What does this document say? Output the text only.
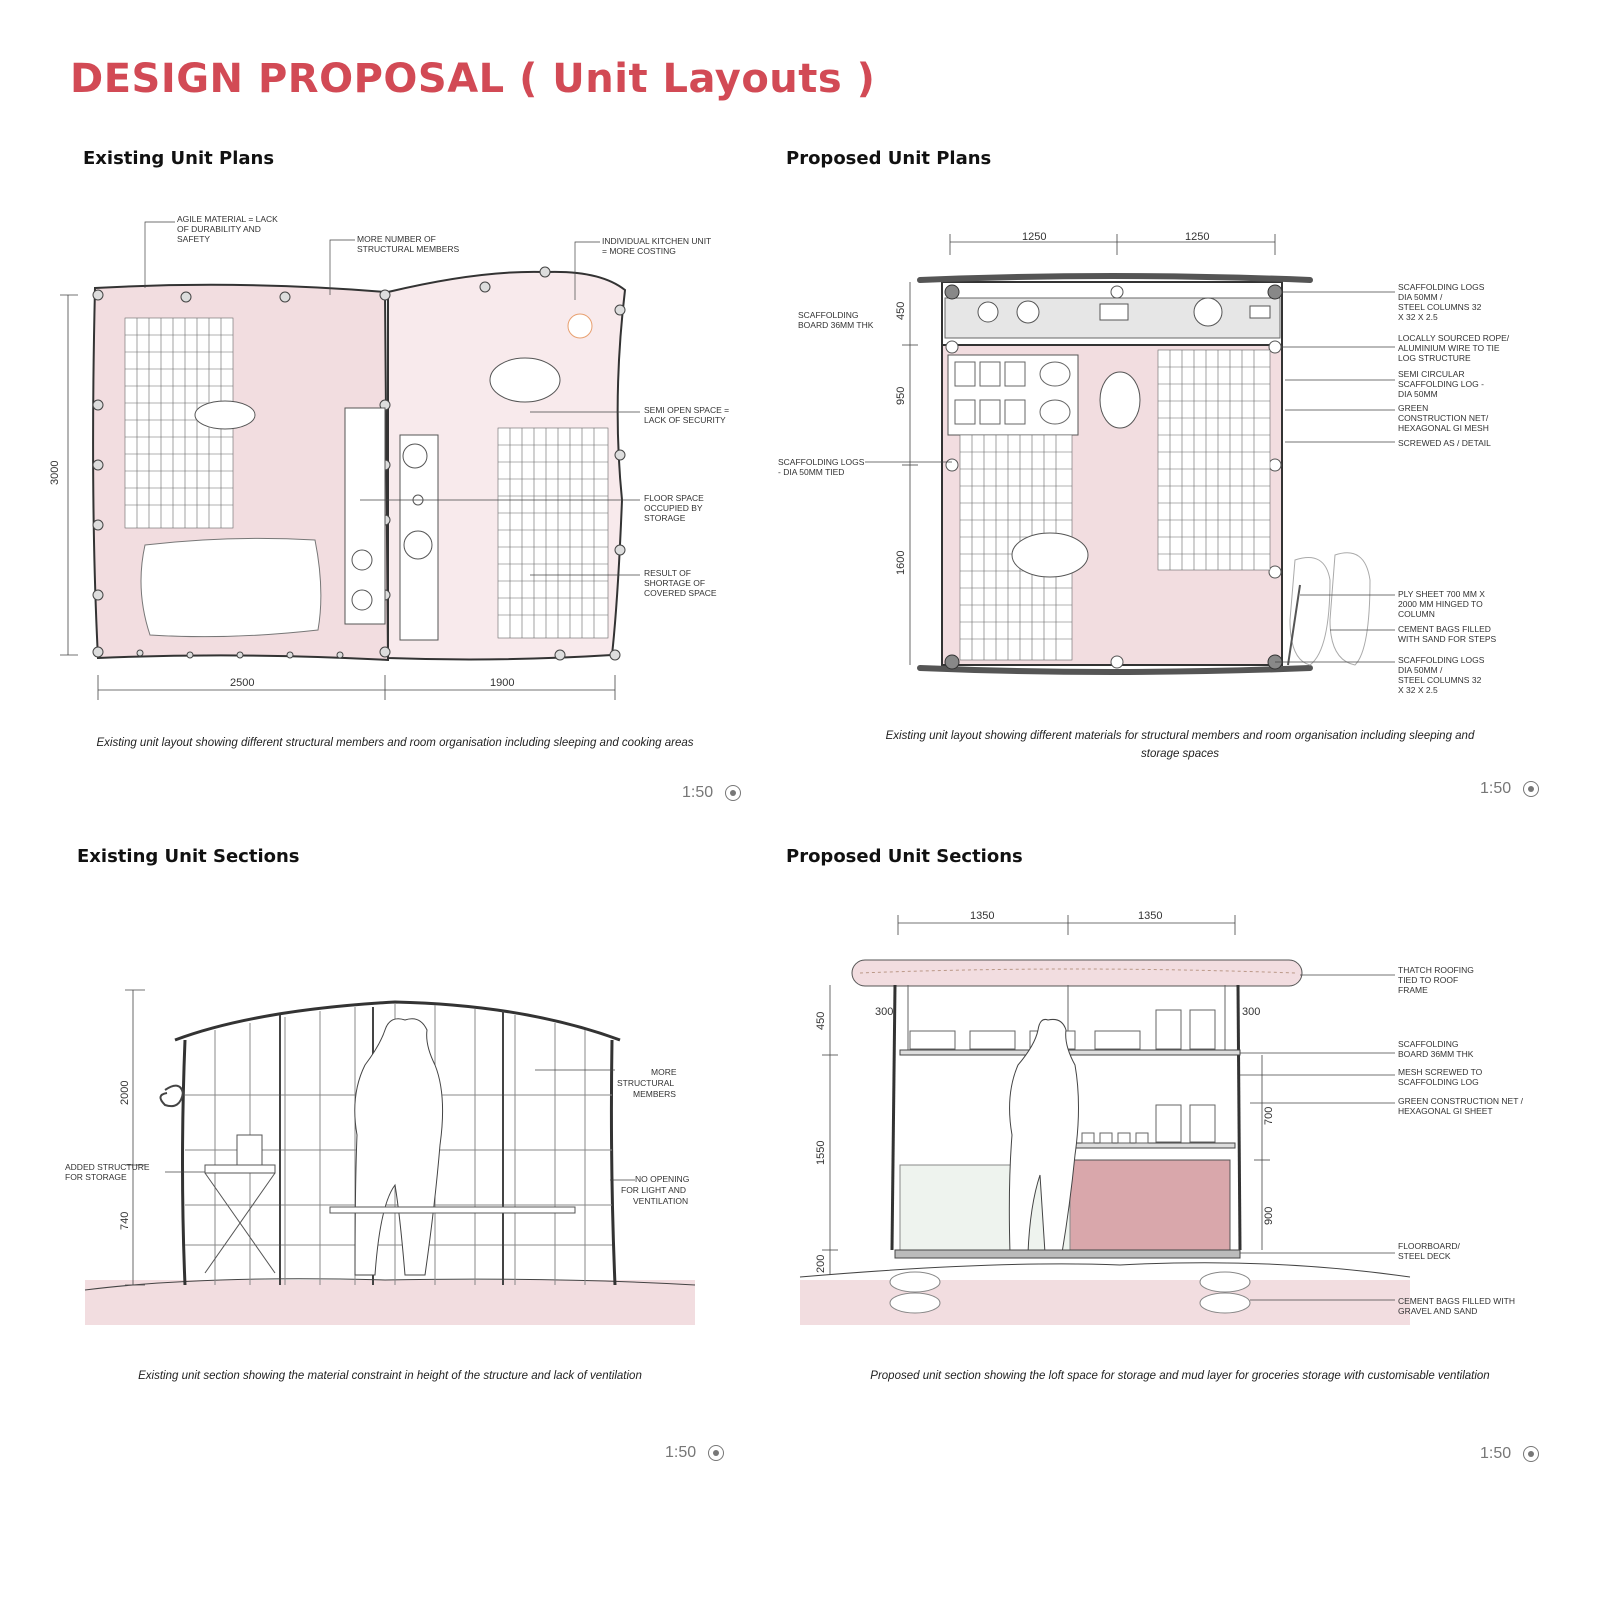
DESIGN PROPOSAL ( Unit Layouts )
Existing Unit Plans
2500	1900
3000
AGILE MATERIAL = LACK
OF DURABILITY AND
SAFETY	MORE NUMBER OF
STRUCTURAL MEMBERS
INDIVIDUAL KITCHEN UNIT
= MORE COSTING
SEMI OPEN SPACE =
LACK OF SECURITY
FLOOR SPACE
OCCUPIED BY
STORAGE
RESULT OF
SHORTAGE OF
COVERED SPACE
Existing unit layout showing different structural members and room organisation including sleeping and cooking areas
1:50
Proposed Unit Plans
1250	1250
450
950
1600
SCAFFOLDING
BOARD 36MM THK
SCAFFOLDING LOGS
- DIA 50MM TIED
SCAFFOLDING LOGS
DIA 50MM /
STEEL COLUMNS 32
X 32 X 2.5
LOCALLY SOURCED ROPE/
ALUMINIUM WIRE TO TIE
LOG STRUCTURE
SEMI CIRCULAR
SCAFFOLDING LOG -
DIA 50MM
GREEN
CONSTRUCTION NET/
HEXAGONAL GI MESH
SCREWED AS / DETAIL
PLY SHEET 700 MM X
2000 MM HINGED TO
COLUMN
CEMENT BAGS FILLED
WITH SAND FOR STEPS
SCAFFOLDING LOGS
DIA 50MM /
STEEL COLUMNS 32
X 32 X 2.5
Existing unit layout showing different materials for structural members and room organisation including sleeping and storage spaces
1:50
Existing Unit Sections
2000
740
ADDED STRUCTURE
FOR STORAGE
MORE
STRUCTURAL
MEMBERS
NO OPENING
FOR LIGHT AND
VENTILATION
Existing unit section showing the material constraint in height of the structure and lack of ventilation
1:50
Proposed Unit Sections
1350	1350
450
1550
200
700
900
300	300
THATCH ROOFING
TIED TO ROOF
FRAME
SCAFFOLDING
BOARD 36MM THK
MESH SCREWED TO
SCAFFOLDING LOG
GREEN CONSTRUCTION NET /
HEXAGONAL GI SHEET
FLOORBOARD/
STEEL DECK
CEMENT BAGS FILLED WITH
GRAVEL AND SAND
Proposed unit section showing the loft space for storage and mud layer for groceries storage with customisable ventilation
1:50
